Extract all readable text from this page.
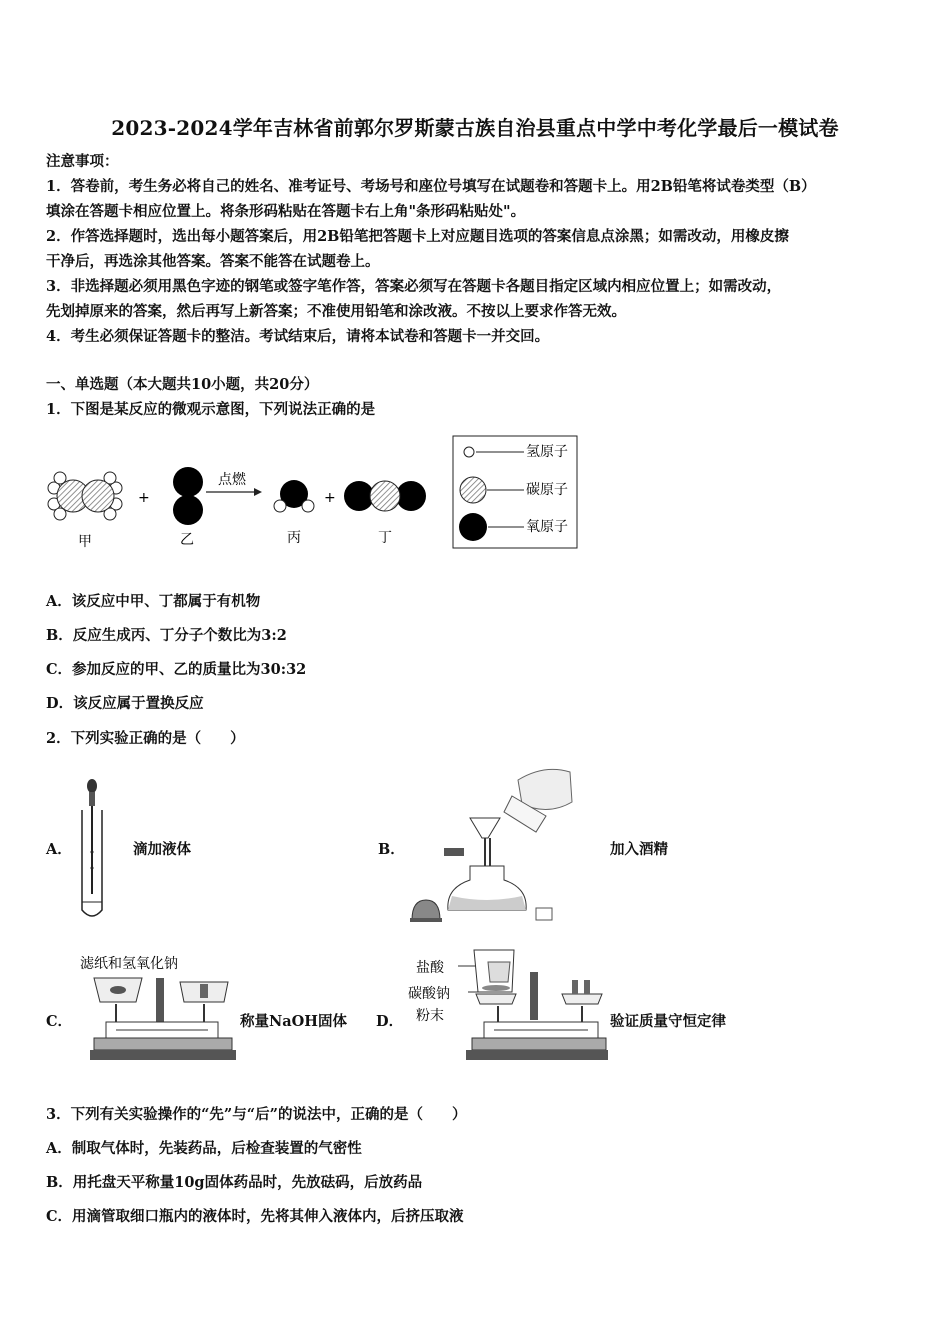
2023-2024学年吉林省前郭尔罗斯蒙古族自治县重点中学中考化学最后一模试卷
注意事项：
1．答卷前，考生务必将自己的姓名、准考证号、考场号和座位号填写在试题卷和答题卡上。用2B铅笔将试卷类型（B）
填涂在答题卡相应位置上。将条形码粘贴在答题卡右上角"条形码粘贴处"。
2．作答选择题时，选出每小题答案后，用2B铅笔把答题卡上对应题目选项的答案信息点涂黑；如需改动，用橡皮擦
干净后，再选涂其他答案。答案不能答在试题卷上。
3．非选择题必须用黑色字迹的钢笔或签字笔作答，答案必须写在答题卡各题目指定区域内相应位置上；如需改动，
先划掉原来的答案，然后再写上新答案；不准使用铅笔和涂改液。不按以上要求作答无效。
4．考生必须保证答题卡的整洁。考试结束后，请将本试卷和答题卡一并交回。
一、单选题（本大题共10小题，共20分）
1．下图是某反应的微观示意图，下列说法正确的是
+
点燃
+
甲	乙	丙	丁
氢原子
碳原子
氧原子
A．该反应中甲、丁都属于有机物
B．反应生成丙、丁分子个数比为3:2
C．参加反应的甲、乙的质量比为30:32
D．该反应属于置换反应
2．下列实验正确的是（　　）
A．	滴加液体	B．	加入酒精
C．
滤纸和氢氧化钠
称量NaOH固体 D．
盐酸
碳酸钠
粉末	验证质量守恒定律
3．下列有关实验操作的“先”与“后”的说法中，正确的是（　　）
A．制取气体时，先装药品，后检查装置的气密性
B．用托盘天平称量10g固体药品时，先放砝码，后放药品
C．用滴管取细口瓶内的液体时，先将其伸入液体内，后挤压取液
